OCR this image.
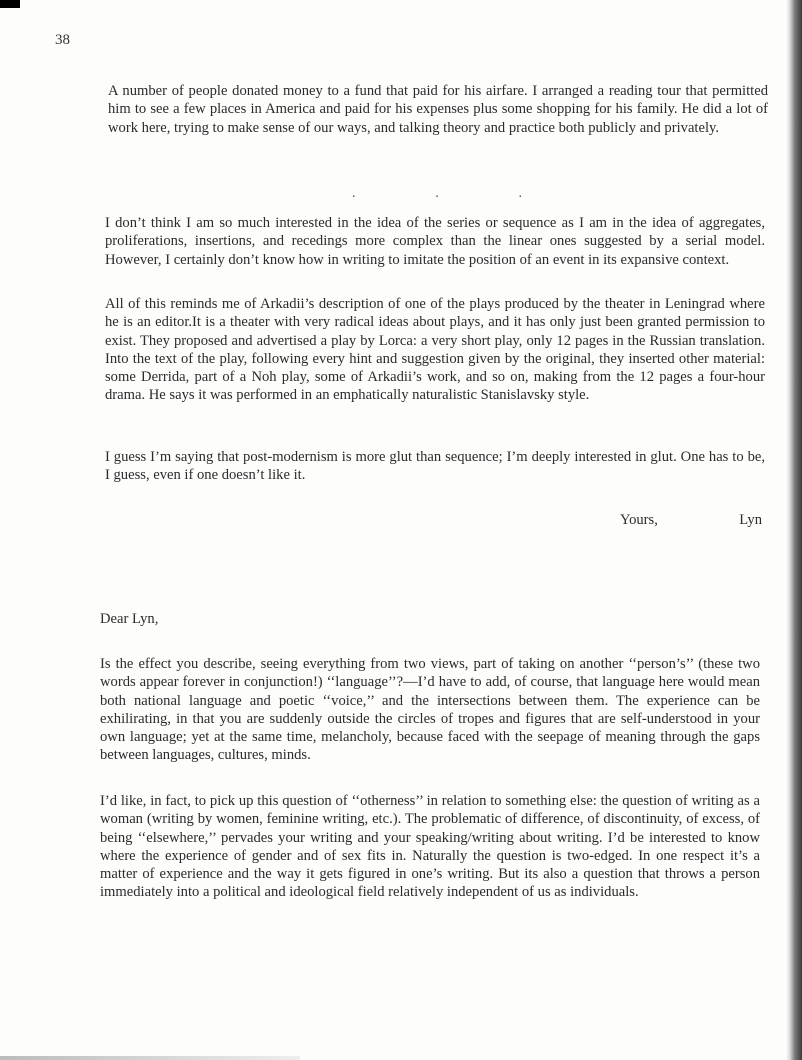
38

A number of people donated money to a fund that paid for his airfare. I arranged a reading tour that permitted him to see a few places in America and paid for his expenses plus some shopping for his family. He did a lot of work here, trying to make sense of our ways, and talking theory and practice both publicly and privately.

.	.	.

I don’t think I am so much interested in the idea of the series or sequence as I am in the idea of aggregates, proliferations, insertions, and recedings more complex than the linear ones suggested by a serial model. However, I certainly don’t know how in writing to imitate the position of an event in its expansive context.

All of this reminds me of Arkadii’s description of one of the plays produced by the theater in Leningrad where he is an editor.It is a theater with very radical ideas about plays, and it has only just been granted permission to exist. They proposed and advertised a play by Lorca: a very short play, only 12 pages in the Russian translation. Into the text of the play, following every hint and suggestion given by the original, they inserted other material: some Derrida, part of a Noh play, some of Arkadii’s work, and so on, making from the 12 pages a four-hour drama. He says it was performed in an emphatically naturalistic Stanislavsky style.

I guess I’m saying that post-modernism is more glut than sequence; I’m deeply interested in glut. One has to be, I guess, even if one doesn’t like it.

Yours,	Lyn
Dear Lyn,

Is the effect you describe, seeing everything from two views, part of taking on another ‘‘person’s’’ (these two words appear forever in conjunction!) ‘‘language’’?—I’d have to add, of course, that language here would mean both national language and poetic ‘‘voice,’’ and the intersections between them. The experience can be exhilirating, in that you are suddenly outside the circles of tropes and figures that are self-understood in your own language; yet at the same time, melancholy, because faced with the seepage of meaning through the gaps between languages, cultures, minds.

I’d like, in fact, to pick up this question of ‘‘otherness’’ in relation to something else: the question of writing as a woman (writing by women, feminine writing, etc.). The problematic of difference, of discontinuity, of excess, of being ‘‘elsewhere,’’ pervades your writing and your speaking/writing about writing. I’d be interested to know where the experience of gender and of sex fits in. Naturally the question is two-edged. In one respect it’s a matter of experience and the way it gets figured in one’s writing. But its also a question that throws a person immediately into a political and ideological field relatively independent of us as individuals.
